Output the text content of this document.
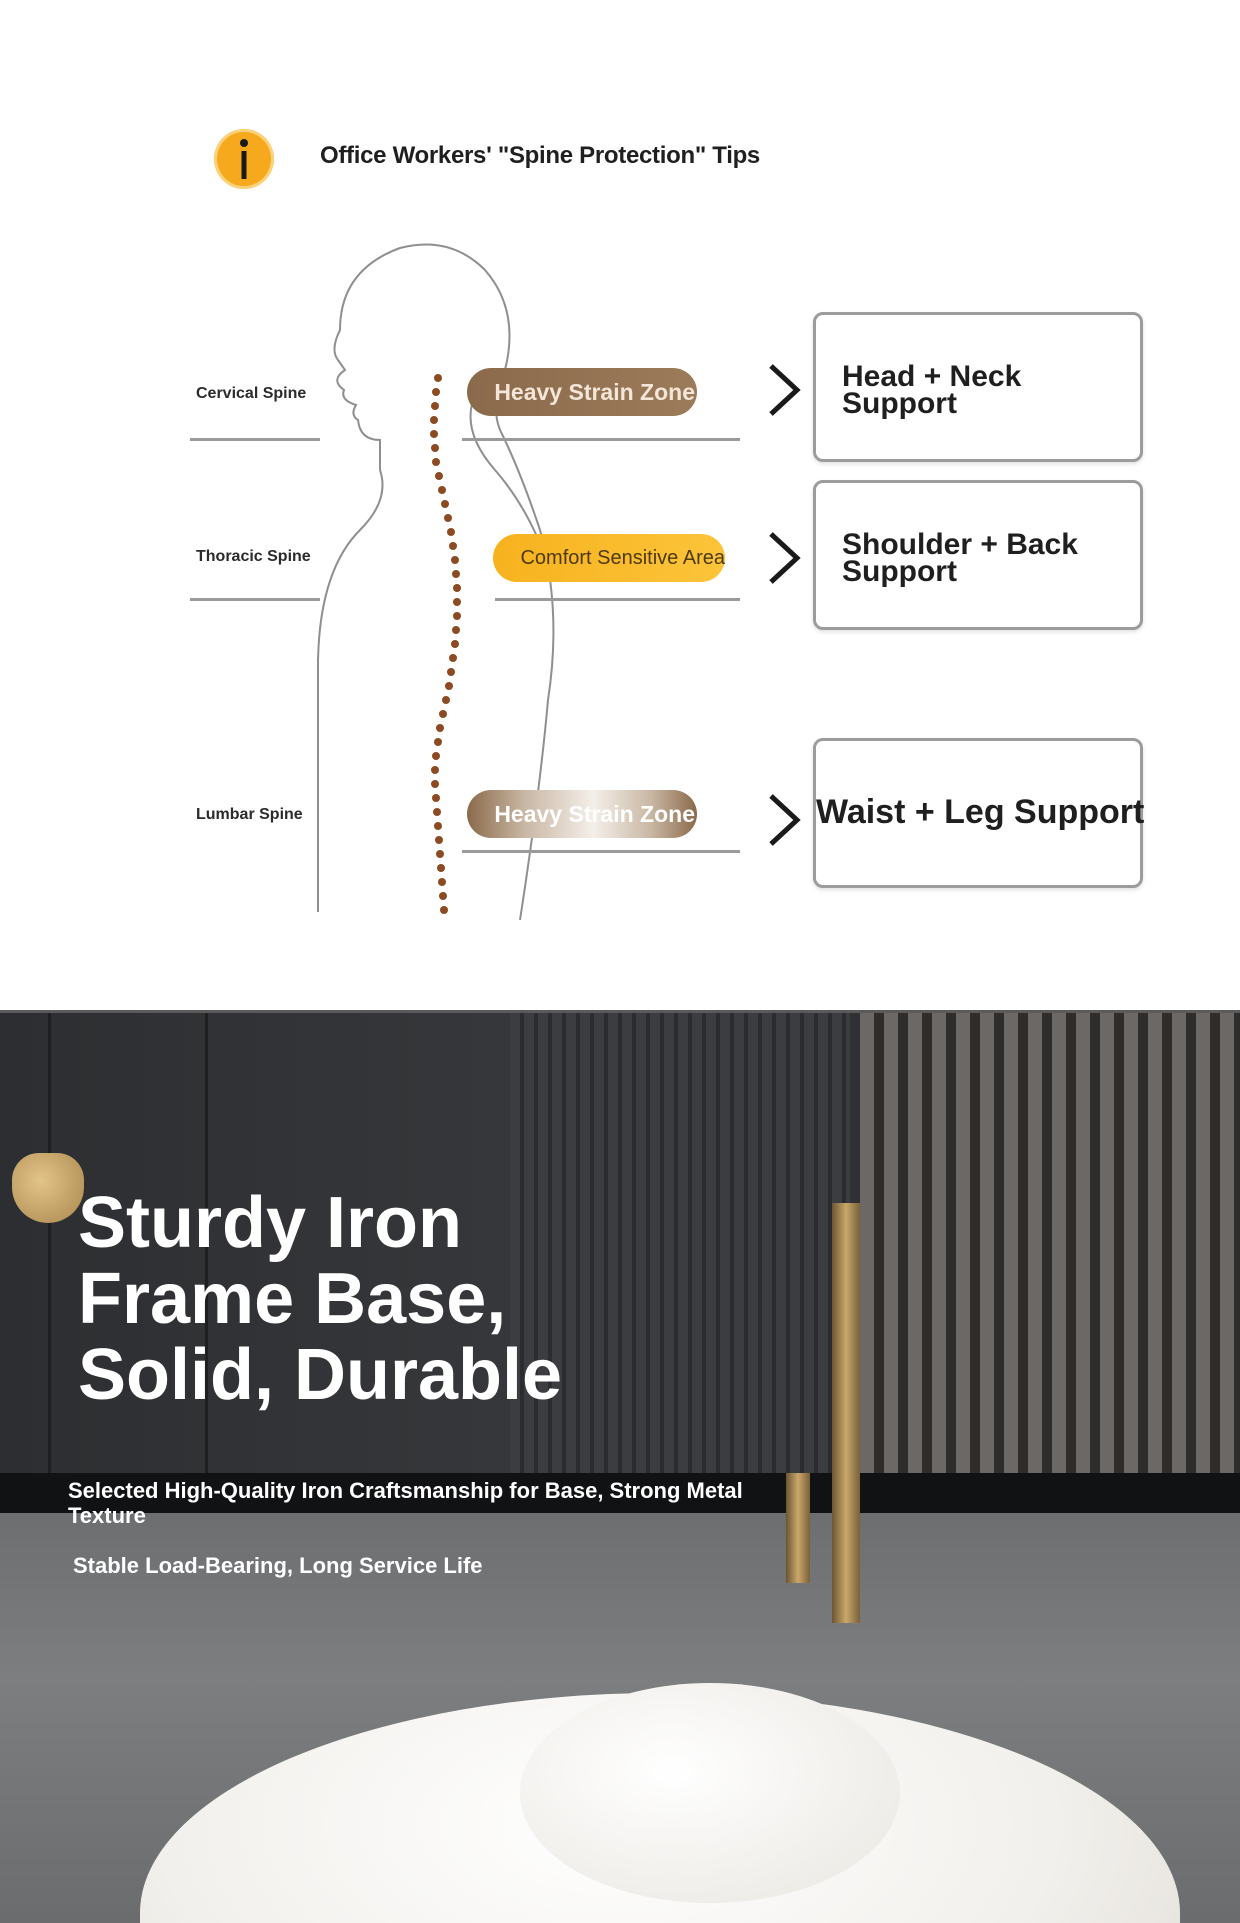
Office Workers' "Spine Protection" Tips
Cervical Spine	Heavy Strain Zone	Head + Neck Support
Thoracic Spine	Comfort Sensitive Area	Shoulder + Back Support
Lumbar Spine	Heavy Strain Zone	Waist + Leg Support
Sturdy Iron
Frame Base,
Solid, Durable
Selected High-Quality Iron Craftsmanship for Base, Strong Metal Texture
Stable Load-Bearing, Long Service Life
